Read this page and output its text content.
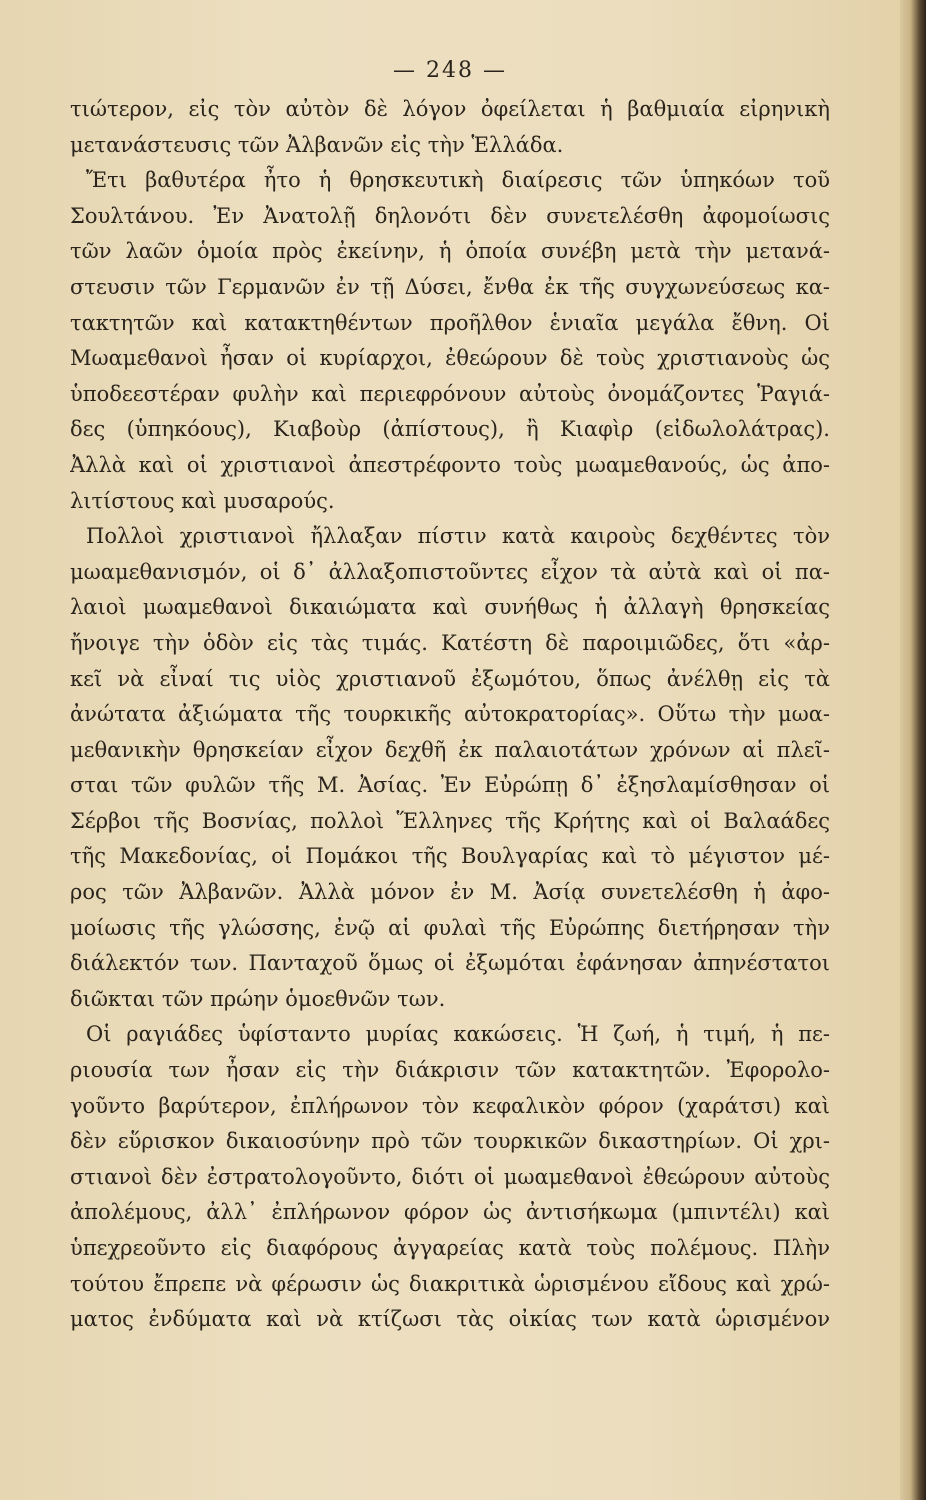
— 248 —
τιώτερον, εἰς τὸν αὐτὸν δὲ λόγον ὀφείλεται ἡ βαθμιαία εἰρηνικὴ
μετανάστευσις τῶν Ἀλβανῶν εἰς τὴν Ἑλλάδα.
Ἔτι βαθυτέρα ἦτο ἡ θρησκευτικὴ διαίρεσις τῶν ὑπηκόων τοῦ
Σουλτάνου. Ἐν Ἀνατολῇ δηλονότι δὲν συνετελέσθη ἀφομοίωσις
τῶν λαῶν ὁμοία πρὸς ἐκείνην, ἡ ὁποία συνέβη μετὰ τὴν μετανά-
στευσιν τῶν Γερμανῶν ἐν τῇ Δύσει, ἔνθα ἐκ τῆς συγχωνεύσεως κα-
τακτητῶν καὶ κατακτηθέντων προῆλθον ἑνιαῖα μεγάλα ἔθνη. Οἱ
Μωαμεθανοὶ ἦσαν οἱ κυρίαρχοι, ἐθεώρουν δὲ τοὺς χριστιανοὺς ὡς
ὑποδεεστέραν φυλὴν καὶ περιεφρόνουν αὐτοὺς ὀνομάζοντες Ῥαγιά-
δες (ὑπηκόους), Κιαβοὺρ (ἀπίστους), ἢ Κιαφὶρ (εἰδωλολάτρας).
Ἀλλὰ καὶ οἱ χριστιανοὶ ἀπεστρέφοντο τοὺς μωαμεθανούς, ὡς ἀπο-
λιτίστους καὶ μυσαρούς.
Πολλοὶ χριστιανοὶ ἤλλαξαν πίστιν κατὰ καιροὺς δεχθέντες τὸν
μωαμεθανισμόν, οἱ δ᾽ ἀλλαξοπιστοῦντες εἶχον τὰ αὐτὰ καὶ οἱ πα-
λαιοὶ μωαμεθανοὶ δικαιώματα καὶ συνήθως ἡ ἀλλαγὴ θρησκείας
ἤνοιγε τὴν ὁδὸν εἰς τὰς τιμάς. Κατέστη δὲ παροιμιῶδες, ὅτι «ἀρ-
κεῖ νὰ εἶναί τις υἱὸς χριστιανοῦ ἐξωμότου, ὅπως ἀνέλθῃ εἰς τὰ
ἀνώτατα ἀξιώματα τῆς τουρκικῆς αὐτοκρατορίας». Οὕτω τὴν μωα-
μεθανικὴν θρησκείαν εἶχον δεχθῆ ἐκ παλαιοτάτων χρόνων αἱ πλεῖ-
σται τῶν φυλῶν τῆς Μ. Ἀσίας. Ἐν Εὐρώπῃ δ᾽ ἐξησλαμίσθησαν οἱ
Σέρβοι τῆς Βοσνίας, πολλοὶ Ἕλληνες τῆς Κρήτης καὶ οἱ Βαλαάδες
τῆς Μακεδονίας, οἱ Πομάκοι τῆς Βουλγαρίας καὶ τὸ μέγιστον μέ-
ρος τῶν Ἀλβανῶν. Ἀλλὰ μόνον ἐν Μ. Ἀσίᾳ συνετελέσθη ἡ ἀφο-
μοίωσις τῆς γλώσσης, ἐνῷ αἱ φυλαὶ τῆς Εὐρώπης διετήρησαν τὴν
διάλεκτόν των. Πανταχοῦ ὅμως οἱ ἐξωμόται ἐφάνησαν ἀπηνέστατοι
διῶκται τῶν πρώην ὁμοεθνῶν των.
Οἱ ραγιάδες ὑφίσταντο μυρίας κακώσεις. Ἡ ζωή, ἡ τιμή, ἡ πε-
ριουσία των ἦσαν εἰς τὴν διάκρισιν τῶν κατακτητῶν. Ἐφορολο-
γοῦντο βαρύτερον, ἐπλήρωνον τὸν κεφαλικὸν φόρον (χαράτσι) καὶ
δὲν εὕρισκον δικαιοσύνην πρὸ τῶν τουρκικῶν δικαστηρίων. Οἱ χρι-
στιανοὶ δὲν ἐστρατολογοῦντο, διότι οἱ μωαμεθανοὶ ἐθεώρουν αὐτοὺς
ἀπολέμους, ἀλλ᾽ ἐπλήρωνον φόρον ὡς ἀντισήκωμα (μπιντέλι) καὶ
ὑπεχρεοῦντο εἰς διαφόρους ἀγγαρείας κατὰ τοὺς πολέμους. Πλὴν
τούτου ἔπρεπε νὰ φέρωσιν ὡς διακριτικὰ ὡρισμένου εἴδους καὶ χρώ-
ματος ἐνδύματα καὶ νὰ κτίζωσι τὰς οἰκίας των κατὰ ὡρισμένον
